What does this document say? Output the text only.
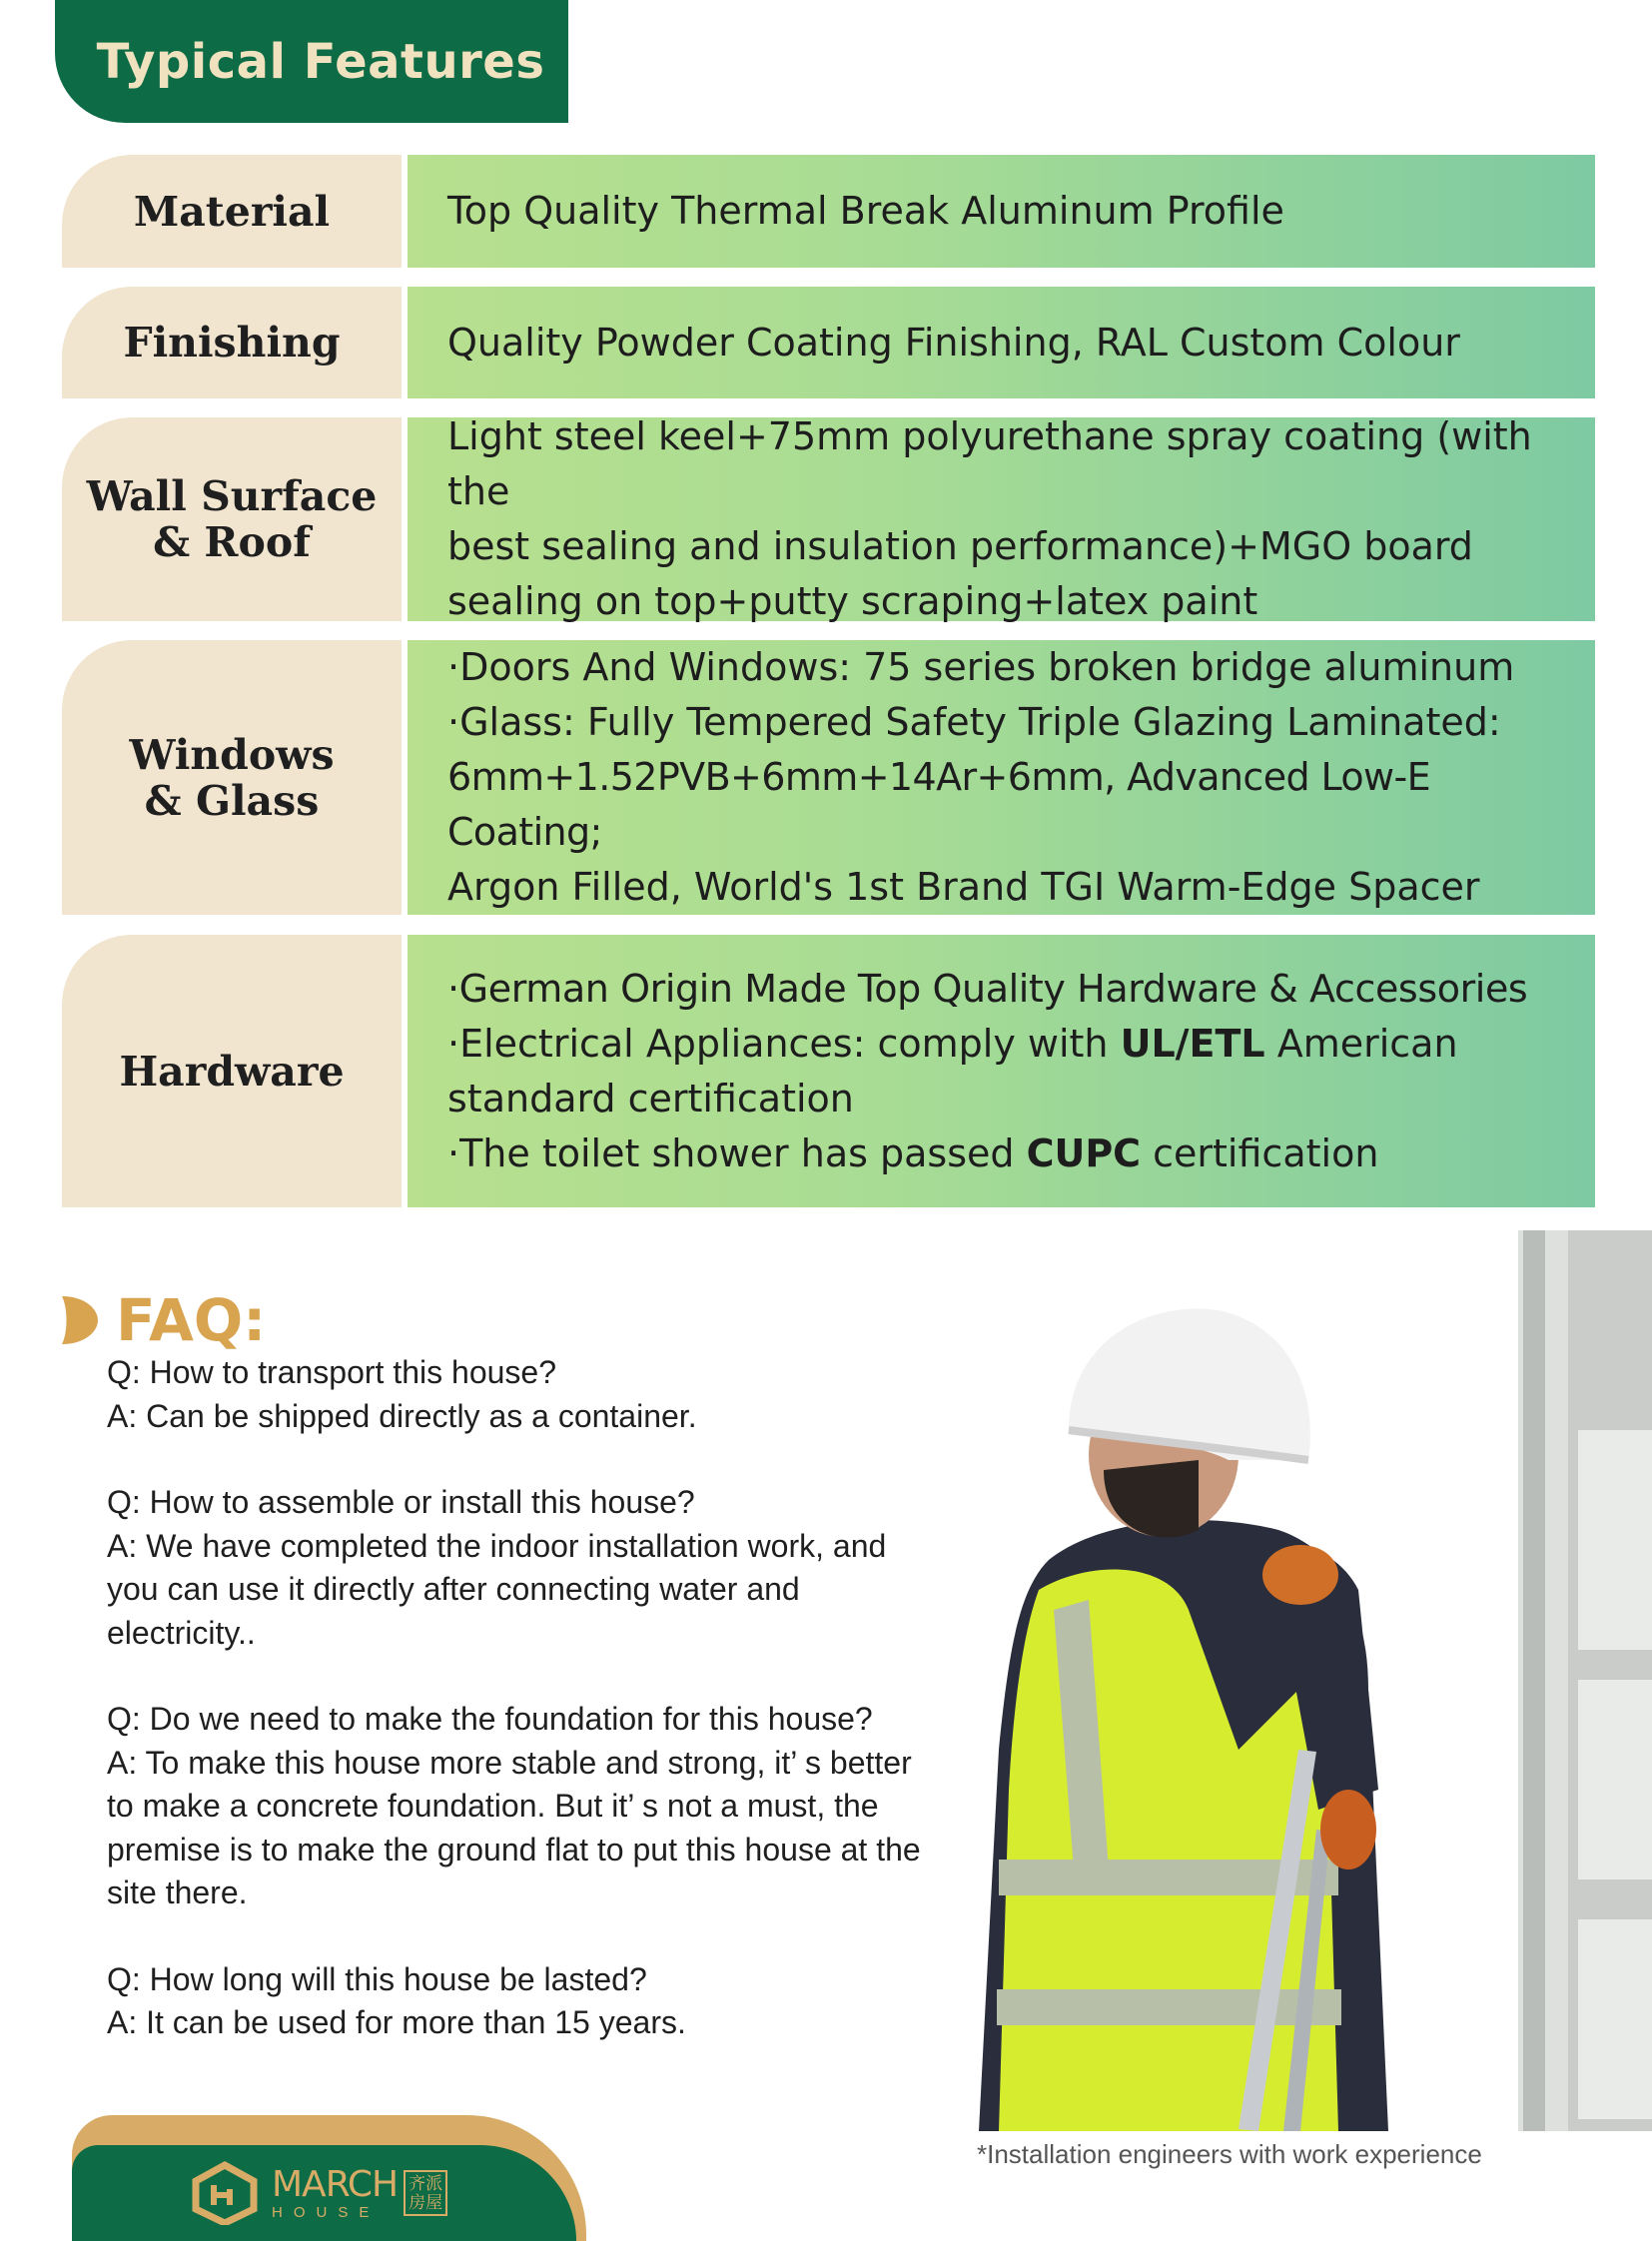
Typical Features
Material	Top Quality Thermal Break Aluminum Profile
Finishing	Quality Powder Coating Finishing, RAL Custom Colour
Wall Surface
& Roof
Light steel keel+75mm polyurethane spray coating (with the
best sealing and insulation performance)+MGO board
sealing on top+putty scraping+latex paint
Windows
& Glass
·Doors And Windows: 75 series broken bridge aluminum
·Glass: Fully Tempered Safety Triple Glazing Laminated:
6mm+1.52PVB+6mm+14Ar+6mm, Advanced Low-E Coating;
Argon Filled, World's 1st Brand TGI Warm-Edge Spacer
Hardware
·German Origin Made Top Quality Hardware & Accessories
·Electrical Appliances: comply with UL/ETL American
standard certification
·The toilet shower has passed CUPC certification
FAQ:

Q: How to transport this house?
A: Can be shipped directly as a container.

Q: How to assemble or install this house?
A: We have completed the indoor installation work, and
you can use it directly after connecting water and
electricity..

Q: Do we need to make the foundation for this house?
A: To make this house more stable and strong, it’ s better
to make a concrete foundation. But it’ s not a must, the
premise is to make the ground flat to put this house at the
site there.

Q: How long will this house be lasted?
A: It can be used for more than 15 years.

*Installation engineers with work experience
MARCH
HOUSE
齐派
房屋
